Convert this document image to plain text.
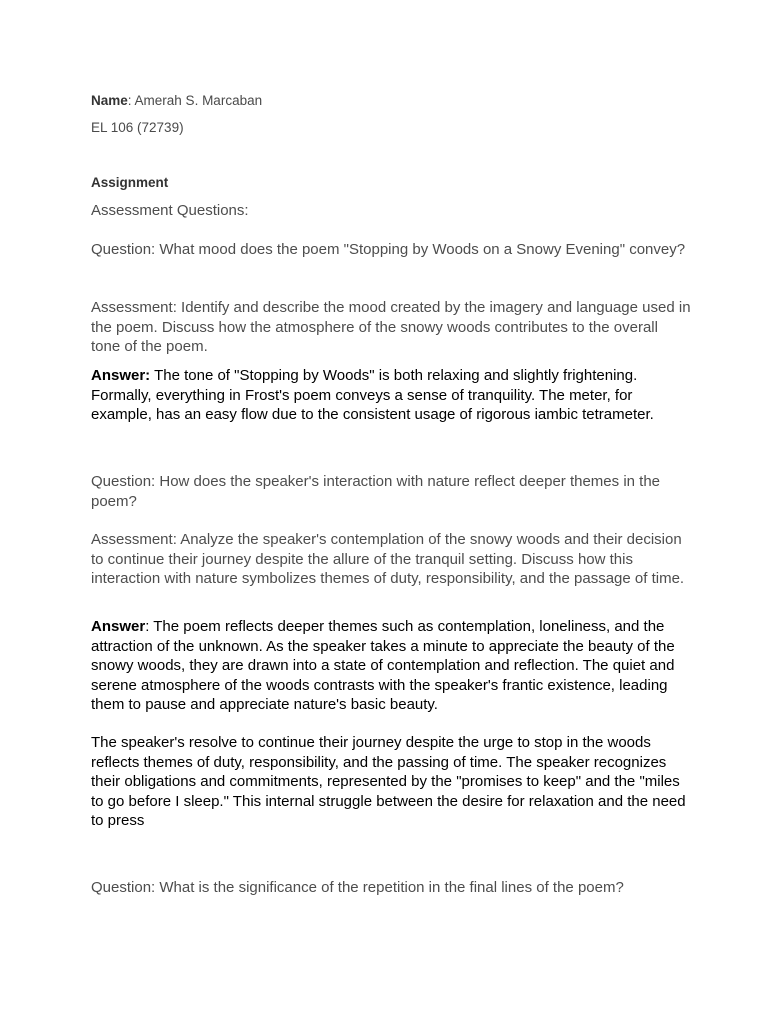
Name: Amerah S. Marcaban

EL 106 (72739)

Assignment

Assessment Questions:

Question: What mood does the poem "Stopping by Woods on a Snowy Evening" convey?

Assessment: Identify and describe the mood created by the imagery and language used in the poem. Discuss how the atmosphere of the snowy woods contributes to the overall tone of the poem.

Answer: The tone of "Stopping by Woods" is both relaxing and slightly frightening. Formally, everything in Frost's poem conveys a sense of tranquility. The meter, for example, has an easy flow due to the consistent usage of rigorous iambic tetrameter.

Question: How does the speaker's interaction with nature reflect deeper themes in the poem?

Assessment: Analyze the speaker's contemplation of the snowy woods and their decision to continue their journey despite the allure of the tranquil setting. Discuss how this interaction with nature symbolizes themes of duty, responsibility, and the passage of time.

Answer: The poem reflects deeper themes such as contemplation, loneliness, and the attraction of the unknown. As the speaker takes a minute to appreciate the beauty of the snowy woods, they are drawn into a state of contemplation and reflection. The quiet and serene atmosphere of the woods contrasts with the speaker's frantic existence, leading them to pause and appreciate nature's basic beauty.

The speaker's resolve to continue their journey despite the urge to stop in the woods reflects themes of duty, responsibility, and the passing of time. The speaker recognizes their obligations and commitments, represented by the "promises to keep" and the "miles to go before I sleep." This internal struggle between the desire for relaxation and the need to press

Question: What is the significance of the repetition in the final lines of the poem?
